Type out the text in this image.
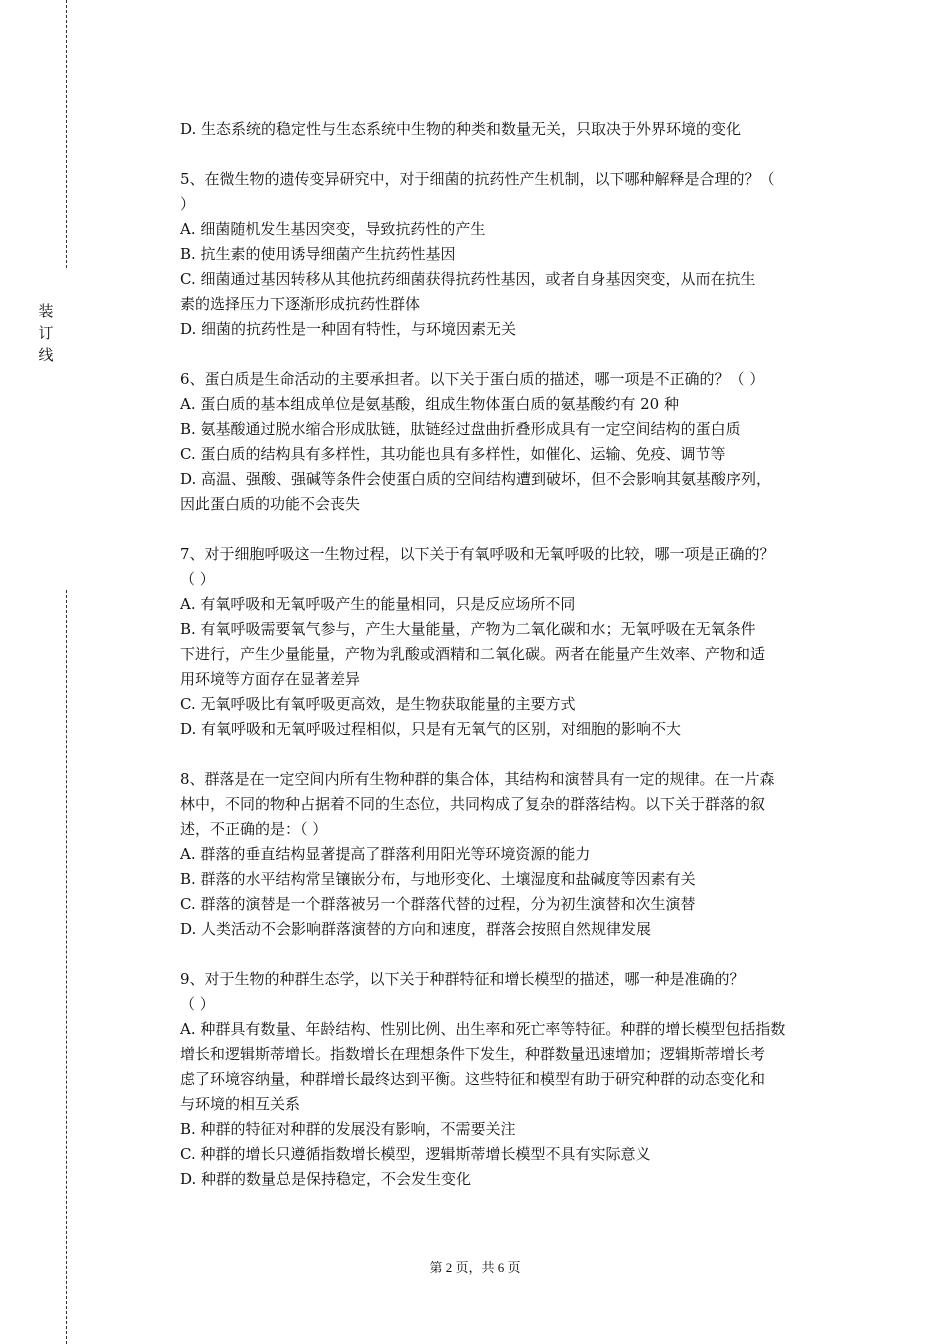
装
订
线
D. 生态系统的稳定性与生态系统中生物的种类和数量无关，只取决于外界环境的变化
5、在微生物的遗传变异研究中，对于细菌的抗药性产生机制，以下哪种解释是合理的？（
）
A. 细菌随机发生基因突变，导致抗药性的产生
B. 抗生素的使用诱导细菌产生抗药性基因
C. 细菌通过基因转移从其他抗药细菌获得抗药性基因，或者自身基因突变，从而在抗生
素的选择压力下逐渐形成抗药性群体
D. 细菌的抗药性是一种固有特性，与环境因素无关
6、蛋白质是生命活动的主要承担者。以下关于蛋白质的描述，哪一项是不正确的？（ ）
A. 蛋白质的基本组成单位是氨基酸，组成生物体蛋白质的氨基酸约有 20 种
B. 氨基酸通过脱水缩合形成肽链，肽链经过盘曲折叠形成具有一定空间结构的蛋白质
C. 蛋白质的结构具有多样性，其功能也具有多样性，如催化、运输、免疫、调节等
D. 高温、强酸、强碱等条件会使蛋白质的空间结构遭到破坏，但不会影响其氨基酸序列，
因此蛋白质的功能不会丧失
7、对于细胞呼吸这一生物过程，以下关于有氧呼吸和无氧呼吸的比较，哪一项是正确的？
（ ）
A. 有氧呼吸和无氧呼吸产生的能量相同，只是反应场所不同
B. 有氧呼吸需要氧气参与，产生大量能量，产物为二氧化碳和水；无氧呼吸在无氧条件
下进行，产生少量能量，产物为乳酸或酒精和二氧化碳。两者在能量产生效率、产物和适
用环境等方面存在显著差异
C. 无氧呼吸比有氧呼吸更高效，是生物获取能量的主要方式
D. 有氧呼吸和无氧呼吸过程相似，只是有无氧气的区别，对细胞的影响不大
8、群落是在一定空间内所有生物种群的集合体，其结构和演替具有一定的规律。在一片森
林中，不同的物种占据着不同的生态位，共同构成了复杂的群落结构。以下关于群落的叙
述，不正确的是：（ ）
A. 群落的垂直结构显著提高了群落利用阳光等环境资源的能力
B. 群落的水平结构常呈镶嵌分布，与地形变化、土壤湿度和盐碱度等因素有关
C. 群落的演替是一个群落被另一个群落代替的过程，分为初生演替和次生演替
D. 人类活动不会影响群落演替的方向和速度，群落会按照自然规律发展
9、对于生物的种群生态学，以下关于种群特征和增长模型的描述，哪一种是准确的？
（ ）
A. 种群具有数量、年龄结构、性别比例、出生率和死亡率等特征。种群的增长模型包括指数
增长和逻辑斯蒂增长。指数增长在理想条件下发生，种群数量迅速增加；逻辑斯蒂增长考
虑了环境容纳量，种群增长最终达到平衡。这些特征和模型有助于研究种群的动态变化和
与环境的相互关系
B. 种群的特征对种群的发展没有影响，不需要关注
C. 种群的增长只遵循指数增长模型，逻辑斯蒂增长模型不具有实际意义
D. 种群的数量总是保持稳定，不会发生变化
第 2 页，共 6 页
